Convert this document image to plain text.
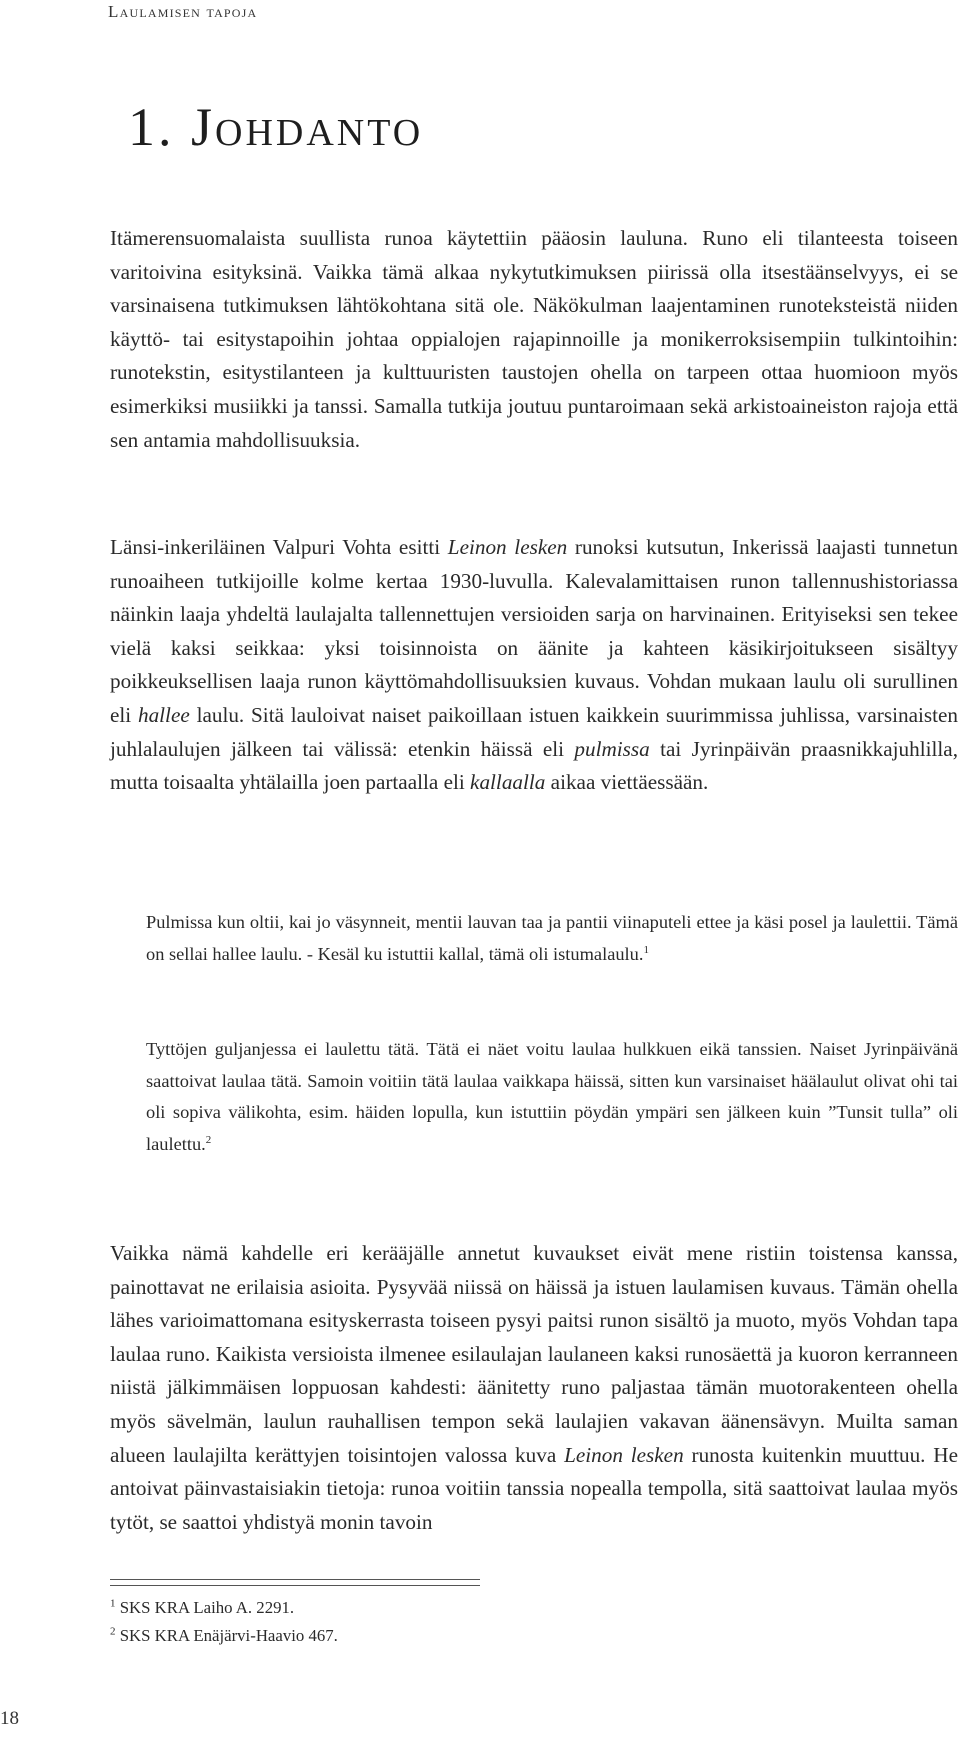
Laulamisen tapoja
1. Johdanto

Itämerensuomalaista suullista runoa käytettiin pääosin lauluna. Runo eli tilanteesta toiseen varitoivina esityksinä. Vaikka tämä alkaa nykytutkimuksen piirissä olla itsestäänselvyys, ei se varsinaisena tutkimuksen lähtökohtana sitä ole. Näkökulman laajentaminen runoteksteistä niiden käyttö- tai esitystapoihin johtaa oppialojen rajapinnoille ja monikerroksisempiin tulkintoihin: runotekstin, esitystilanteen ja kulttuuristen taustojen ohella on tarpeen ottaa huomioon myös esimerkiksi musiikki ja tanssi. Samalla tutkija joutuu puntaroimaan sekä arkistoaineiston rajoja että sen antamia mahdollisuuksia.

Länsi-inkeriläinen Valpuri Vohta esitti Leinon lesken runoksi kutsutun, Inkerissä laajasti tunnetun runoaiheen tutkijoille kolme kertaa 1930-luvulla. Kalevalamittaisen runon tallennushistoriassa näinkin laaja yhdeltä laulajalta tallennettujen versioiden sarja on harvinainen. Erityiseksi sen tekee vielä kaksi seikkaa: yksi toisinnoista on äänite ja kahteen käsikirjoitukseen sisältyy poikkeuksellisen laaja runon käyttömahdollisuuksien kuvaus. Vohdan mukaan laulu oli surullinen eli hallee laulu. Sitä lauloivat naiset paikoillaan istuen kaikkein suurimmissa juhlissa, varsinaisten juhlalaulujen jälkeen tai välissä: etenkin häissä eli pulmissa tai Jyrinpäivän praasnikkajuhlilla, mutta toisaalta yhtälailla joen partaalla eli kallaalla aikaa viettäessään.

Pulmissa kun oltii, kai jo väsynneit, mentii lauvan taa ja pantii viinaputeli ettee ja käsi posel ja laulettii. Tämä on sellai hallee laulu. - Kesäl ku istuttii kallal, tämä oli istumalaulu.$^1$

Tyttöjen guljanjessa ei laulettu tätä. Tätä ei näet voitu laulaa hulkkuen eikä tanssien. Naiset Jyrinpäivänä saattoivat laulaa tätä. Samoin voitiin tätä laulaa vaikkapa häissä, sitten kun varsinaiset häälaulut olivat ohi tai oli sopiva välikohta, esim. häiden lopulla, kun istuttiin pöydän ympäri sen jälkeen kuin ”Tunsit tulla” oli laulettu.$^2$

Vaikka nämä kahdelle eri kerääjälle annetut kuvaukset eivät mene ristiin toistensa kanssa, painottavat ne erilaisia asioita. Pysyvää niissä on häissä ja istuen laulamisen kuvaus. Tämän ohella lähes varioimattomana esityskerrasta toiseen pysyi paitsi runon sisältö ja muoto, myös Vohdan tapa laulaa runo. Kaikista versioista ilmenee esilaulajan laulaneen kaksi runosäettä ja kuoron kerranneen niistä jälkimmäisen loppuosan kahdesti: äänitetty runo paljastaa tämän muotorakenteen ohella myös sävelmän, laulun rauhallisen tempon sekä laulajien vakavan äänensävyn. Muilta saman alueen laulajilta kerättyjen toisintojen valossa kuva Leinon lesken runosta kuitenkin muuttuu. He antoivat päinvastaisiakin tietoja: runoa voitiin tanssia nopealla tempolla, sitä saattoivat laulaa myös tytöt, se saattoi yhdistyä monin tavoin

$^1$ SKS KRA Laiho A. 2291.

$^2$ SKS KRA Enäjärvi-Haavio 467.

18
